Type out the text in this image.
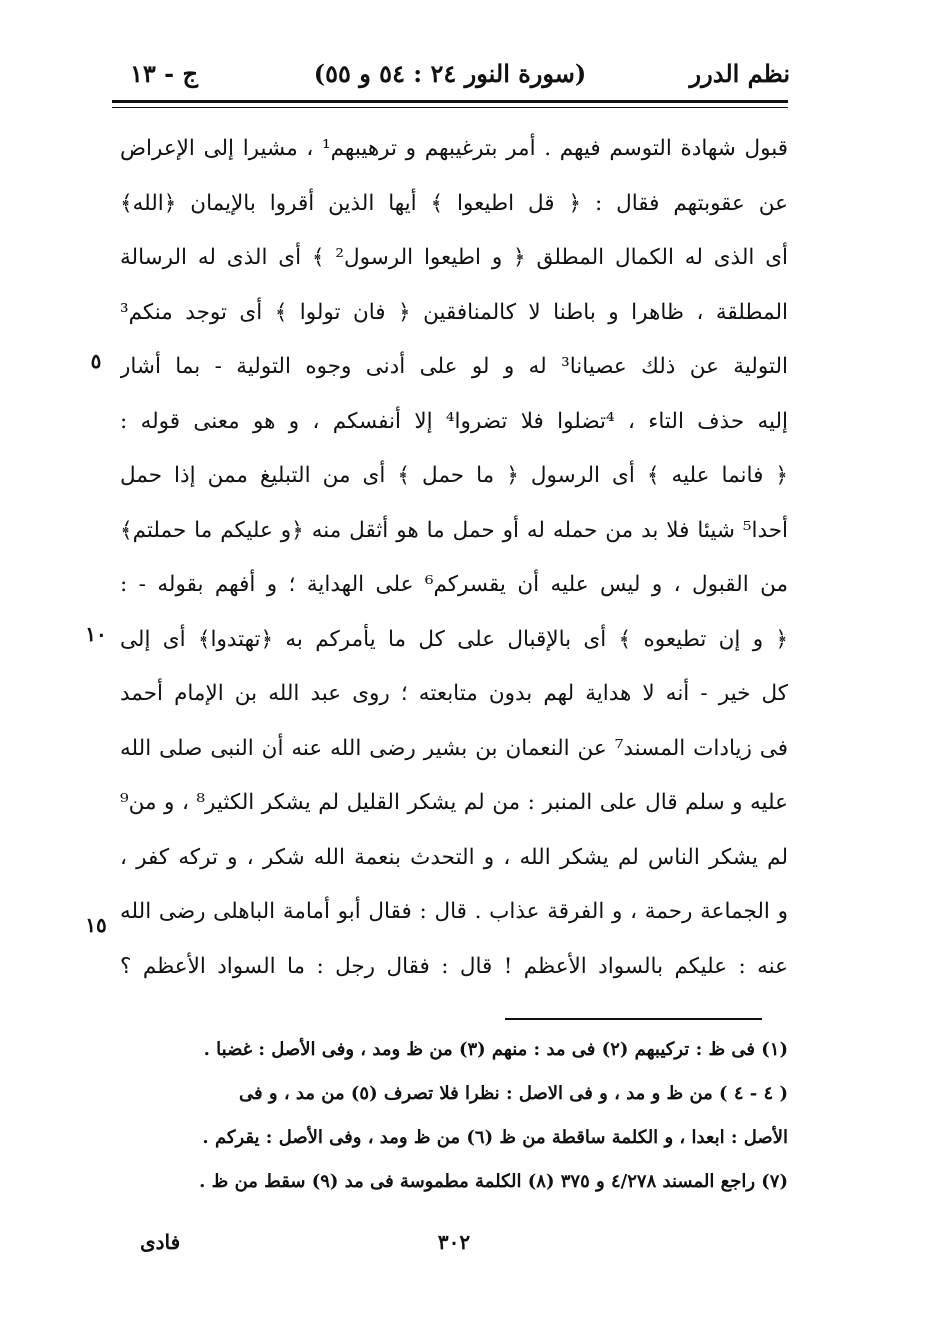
نظم الدرر
(سورة النور ٢٤ : ٥٤ و ٥٥)
ج - ١٣
قبول شهادة التوسم فيهم . أمر بترغيبهم و ترهيبهم¹ ، مشيرا إلى الإعراض
عن عقوبتهم فقال : ﴿ قل اطيعوا ﴾ أيها الذين أقروا بالإيمان ﴿الله﴾
أى الذى له الكمال المطلق ﴿ و اطيعوا الرسول² ﴾ أى الذى له الرسالة
المطلقة ، ظاهرا و باطنا لا كالمنافقين ﴿ فان تولوا ﴾ أى توجد منكم³
التولية عن ذلك عصيانا³ له و لو على أدنى وجوه التولية - بما أشار
إليه حذف التاء ، ⁴تضلوا فلا تضروا⁴ إلا أنفسكم ، و هو معنى قوله :
﴿ فانما عليه ﴾ أى الرسول ﴿ ما حمل ﴾ أى من التبليغ ممن إذا حمل
أحدا⁵ شيئا فلا بد من حمله له أو حمل ما هو أثقل منه ﴿و عليكم ما حملتم﴾
من القبول ، و ليس عليه أن يقسركم⁶ على الهداية ؛ و أفهم بقوله - :
﴿ و إن تطيعوه ﴾ أى بالإقبال على كل ما يأمركم به ﴿تهتدوا﴾ أى إلى
كل خير - أنه لا هداية لهم بدون متابعته ؛ روى عبد الله بن الإمام أحمد
فى زيادات المسند⁷ عن النعمان بن بشير رضى الله عنه أن النبى صلى الله
عليه و سلم قال على المنبر : من لم يشكر القليل لم يشكر الكثير⁸ ، و من⁹
لم يشكر الناس لم يشكر الله ، و التحدث بنعمة الله شكر ، و تركه كفر ،
و الجماعة رحمة ، و الفرقة عذاب . قال : فقال أبو أمامة الباهلى رضى الله
عنه : عليكم بالسواد الأعظم ! قال : فقال رجل : ما السواد الأعظم ؟
٥
١٠
١٥
(١) فى ظ : تركيبهم (٢) فى مد : منهم (٣) من ظ ومد ، وفى الأصل : غضبا .
( ٤ - ٤ ) من ظ و مد ، و فى الاصل : نظرا فلا تصرف (٥) من مد ، و فى
الأصل : ابعدا ، و الكلمة ساقطة من ظ (٦) من ظ ومد ، وفى الأصل : يقركم .
(٧) راجع المسند ٤/٢٧٨ و ٣٧٥ (٨) الكلمة مطموسة فى مد (٩) سقط من ظ .
٣٠٢
فادى
